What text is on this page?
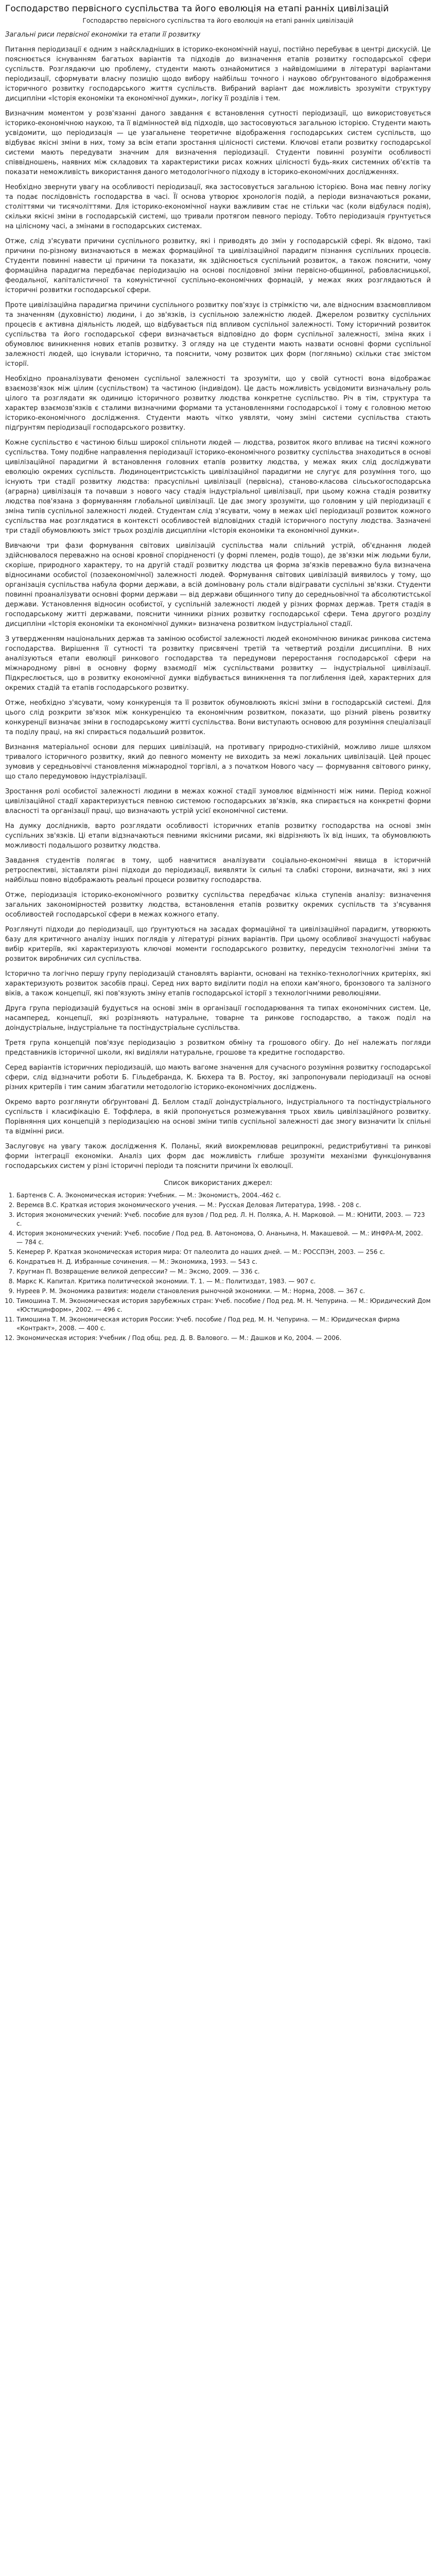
Господарство первісного суспільства та його еволюція на етапі ранніх цивілізацій
Господарство первісного суспільства та його еволюція на етапі ранніх цивілізацій
Загальні риси первісної економіки та етапи її розвитку

Питання періодизації є одним з найскладніших в історико-економічній науці, постійно перебуває в центрі дискусій. Це пояснюється існуванням багатьох варіантів та підходів до визначення етапів розвитку господарської сфери суспільств. Розглядаючи цю проблему, студенти мають ознайомитися з найвідомішими в літературі варіантами періодизації, сформувати власну позицію щодо вибору найбільш точного і науково обґрунтованого відображення історичного розвитку господарського життя суспільств. Вибраний варіант дає можливість зрозуміти структуру дисципліни «Історія економіки та економічної думки», логіку її розділів і тем.

Визначним моментом у розв'язанні даного завдання є встановлення сутності періодизації, що використовується історико-економічною наукою, та її відмінностей від підходів, що застосовуються загальною історією. Студенти мають усвідомити, що періодизація — це узагальнене теоретичне відображення господарських систем суспільств, що відбуває якісні зміни в них, тому за всім етапи зростання цілісності системи. Ключові етапи розвитку господарської системи мають передувати значним для визначення періодизації. Студенти повинні розуміти особливості співвідношень, наявних між складових та характеристики рисах кожних цілісності будь-яких системних об'єктів та показати неможливість використання даного методологічного підходу в історико-економічних дослідженнях.

Необхідно звернути увагу на особливості періодизації, яка застосовується загальною історією. Вона має певну логіку та подає послідовність господарства в часі. Її основа утворює хронологія подій, а періоди визначаються роками, століттями чи тисячоліттями. Для історико-економічної науки важливим стає не стільки час (коли відбулася подія), скільки якісні зміни в господарській системі, що тривали протягом певного періоду. Тобто періодизація ґрунтується на цілісному часі, а змінами в господарських системах.

Отже, слід з'ясувати причини суспільного розвитку, які і приводять до змін у господарській сфері. Як відомо, такі причини по-різному визначаються в межах формаційної та цивілізаційної парадигм пізнання суспільних процесів. Студенти повинні навести ці причини та показати, як здійснюється суспільний розвиток, а також пояснити, чому формаційна парадигма передбачає періодизацію на основі послідовної зміни первісно-общинної, рабовласницької, феодальної, капіталістичної та комуністичної суспільно-економічних формацій, у межах яких розглядаються й історичні розвитки господарської сфери.

Проте цивілізаційна парадигма причини суспільного розвитку пов'язує із стрімкістю чи, але відносним взаємовпливом та значенням (духовністю) людини, і до зв'язків, із суспільною залежністю людей. Джерелом розвитку суспільних процесів є активна діяльність людей, що відбувається під впливом суспільної залежності. Тому історичний розвиток суспільства та його господарської сфери визначається відповідно до форм суспільної залежності, зміна яких і обумовлює виникнення нових етапів розвитку. З огляду на це студенти мають назвати основні форми суспільної залежності людей, що існували історично, та пояснити, чому розвиток цих форм (погляньмо) скільки стає змістом історії.

Необхідно проаналізувати феномен суспільної залежності та зрозуміти, що у своїй сутності вона відображає взаємозв'язок між цілим (суспільством) та частиною (індивідом). Це дасть можливість усвідомити визначальну роль цілого та розглядати як одиницю історичного розвитку людства конкретне суспільство. Річ в тім, структура та характер взаємозв'язків є сталими визначними формами та установленнями господарської і тому є головною метою історико-економічного дослідження. Студенти мають чітко уявляти, чому зміні системи суспільства стають підґрунтям періодизації господарського розвитку.

Кожне суспільство є частиною більш широкої спільноти людей — людства, розвиток якого впливає на тисячі кожного суспільства. Тому подібне направлення періодизації історико-економічного розвитку суспільства знаходиться в основі цивілізаційної парадигми й встановлення головних етапів розвитку людства, у межах яких слід досліджувати еволюцію окремих суспільств. Людиноцентристськість цивілізаційної парадигми не слугує для розуміння того, що існують три стадії розвитку людства: прасуспільні цивілізації (первісна), станово-класова сільськогосподарська (аграрна) цивілізація та почавши з нового часу стадія індустріальної цивілізації, при цьому кожна стадія розвитку людства пов'язана з формуванням глобальної цивілізації. Це дає змогу зрозуміти, що головним у цій періодизації є зміна типів суспільної залежності людей. Студентам слід з'ясувати, чому в межах цієї періодизації розвиток кожного суспільства має розглядатися в контексті особливостей відповідних стадій історичного поступу людства. Зазначені три стадії обумовлюють зміст трьох розділів дисципліни «Історія економіки та економічної думки».

Вивчаючи три фази формування світових цивілізацій суспільства мали спільний устрій, об'єднання людей здійснювалося переважно на основі кровної спорідненості (у формі племен, родів тощо), де зв'язки між людьми були, скоріше, природного характеру, то на другій стадії розвитку людства ця форма зв'язків переважно була визначена відносинами особистої (позаекономічної) залежності людей. Формування світових цивілізацій виявилось у тому, що організація суспільства набула форми держави, а всій доміновану роль стали відігравати суспільні зв'язки. Студенти повинні проаналізувати основні форми держави — від держави общинного типу до середньовічної та абсолютистської держави. Установлення відносин особистої, у суспільній залежності людей у різних формах держав. Третя стадія в господарському житті державами, пояснити чинники різних розвитку господарської сфери. Тема другого розділу дисципліни «Історія економіки та економічної думки» визначена розвитком індустріальної стадії.

З утвердженням національних держав та заміною особистої залежності людей економічною виникає ринкова система господарства. Вирішення її сутності та розвитку присвячені третій та четвертий розділи дисципліни. В них аналізуються етапи еволюції ринкового господарства та передумови переростання господарської сфери на міжнародному рівні в основну форму взаємодії між суспільствами розвитку — індустріальної цивілізації. Підкреслюється, що в розвитку економічної думки відбувається виникнення та поглиблення ідей, характерних для окремих стадій та етапів господарського розвитку.

Отже, необхідно з'ясувати, чому конкуренція та її розвиток обумовлюють якісні зміни в господарській системі. Для цього слід розкрити зв'язок між конкуренцією та економічним розвитком, показати, що різний рівень розвитку конкуренції визначає зміни в господарському житті суспільства. Вони виступають основою для розуміння спеціалізації та поділу праці, на які спирається подальший розвиток.

Визнання матеріальної основи для перших цивілізацій, на противагу природно-стихійній, можливо лише шляхом тривалого історичного розвитку, який до певного моменту не виходить за межі локальних цивілізацій. Цей процес зумовив у середньовіччі становлення міжнародної торгівлі, а з початком Нового часу — формування світового ринку, що стало передумовою індустріалізації.

Зростання ролі особистої залежності людини в межах кожної стадії зумовлює відмінності між ними. Період кожної цивілізаційної стадії характеризується певною системою господарських зв'язків, яка спирається на конкретні форми власності та організації праці, що визначають устрій усієї економічної системи.

На думку дослідників, варто розглядати особливості історичних етапів розвитку господарства на основі змін суспільних зв'язків. Ці етапи відзначаються певними якісними рисами, які відрізняють їх від інших, та обумовлюють можливості подальшого розвитку людства.

Завдання студентів полягає в тому, щоб навчитися аналізувати соціально-економічні явища в історичній ретроспективі, зіставляти різні підходи до періодизації, виявляти їх сильні та слабкі сторони, визначати, які з них найбільш повно відображають реальні процеси розвитку господарства.

Отже, періодизація історико-економічного розвитку суспільства передбачає кілька ступенів аналізу: визначення загальних закономірностей розвитку людства, встановлення етапів розвитку окремих суспільств та з'ясування особливостей господарської сфери в межах кожного етапу.

Розглянуті підходи до періодизації, що ґрунтуються на засадах формаційної та цивілізаційної парадигм, утворюють базу для критичного аналізу інших поглядів у літературі різних варіантів. При цьому особливої значущості набуває вибір критеріїв, які характеризують ключові моменти господарського розвитку, передусім технологічні зміни та розвиток виробничих сил суспільства.

Історично та логічно першу групу періодизацій становлять варіанти, основані на техніко-технологічних критеріях, які характеризують розвиток засобів праці. Серед них варто виділити поділ на епохи кам'яного, бронзового та залізного віків, а також концепції, які пов'язують зміну етапів господарської історії з технологічними революціями.

Друга група періодизацій будується на основі змін в організації господарювання та типах економічних систем. Це, насамперед, концепції, які розрізняють натуральне, товарне та ринкове господарство, а також поділ на доіндустріальне, індустріальне та постіндустріальне суспільства.

Третя група концепцій пов'язує періодизацію з розвитком обміну та грошового обігу. До неї належать погляди представників історичної школи, які виділяли натуральне, грошове та кредитне господарство.

Серед варіантів історичних періодизацій, що мають вагоме значення для сучасного розуміння розвитку господарської сфери, слід відзначити роботи Б. Гільдебранда, К. Бюхера та В. Ростоу, які запропонували періодизації на основі різних критеріїв і тим самим збагатили методологію історико-економічних досліджень.

Окремо варто розглянути обґрунтовані Д. Беллом стадії доіндустріального, індустріального та постіндустріального суспільств і класифікацію Е. Тоффлера, в якій пропонується розмежування трьох хвиль цивілізаційного розвитку. Порівняння цих концепцій з періодизацією на основі зміни типів суспільної залежності дає змогу визначити їх спільні та відмінні риси.

Заслуговує на увагу також дослідження К. Поланьї, який виокремлював реципрокні, редистрибутивні та ринкові форми інтеграції економіки. Аналіз цих форм дає можливість глибше зрозуміти механізми функціонування господарських систем у різні історичні періоди та пояснити причини їх еволюції.

Список використаних джерел:
1. Бартенєв С. А. Экономическая история: Учебник. — М.: Экономистъ, 2004.-462 с.
2. Веремєв В.С. Краткая история экономического учения. — М.: Русская Деловая Литература, 1998. - 208 с.
3. История экономических учений: Учеб. пособие для вузов / Под ред. Л. Н. Поляка, А. Н. Марковой. — М.: ЮНИТИ, 2003. — 723 с.
4. История экономических учений: Учеб. пособие / Под ред. В. Автономова, О. Ананьина, Н. Макашевой. — М.: ИНФРА-М, 2002. — 784 с.
5. Кемерер Р. Краткая экономическая история мира: От палеолита до наших дней. — М.: РОССПЭН, 2003. — 256 с.
6. Кондратьев Н. Д. Избранные сочинения. — М.: Экономика, 1993. — 543 с.
7. Кругман П. Возвращение великой депрессии? — М.: Эксмо, 2009. — 336 с.
8. Маркс К. Капитал. Критика политической экономии. Т. 1. — М.: Политиздат, 1983. — 907 с.
9. Нуреев Р. М. Экономика развития: модели становления рыночной экономики. — М.: Норма, 2008. — 367 с.
10. Тимошина Т. М. Экономическая история зарубежных стран: Учеб. пособие / Под ред. М. Н. Чепурина. — М.: Юридический Дом «Юстицинформ», 2002. — 496 с.
11. Тимошина Т. М. Экономическая история России: Учеб. пособие / Под ред. М. Н. Чепурина. — М.: Юридическая фирма «Контракт», 2008. — 400 с.
12. Экономическая история: Учебник / Под общ. ред. Д. В. Валового. — М.: Дашков и Ко, 2004. — 2006.
